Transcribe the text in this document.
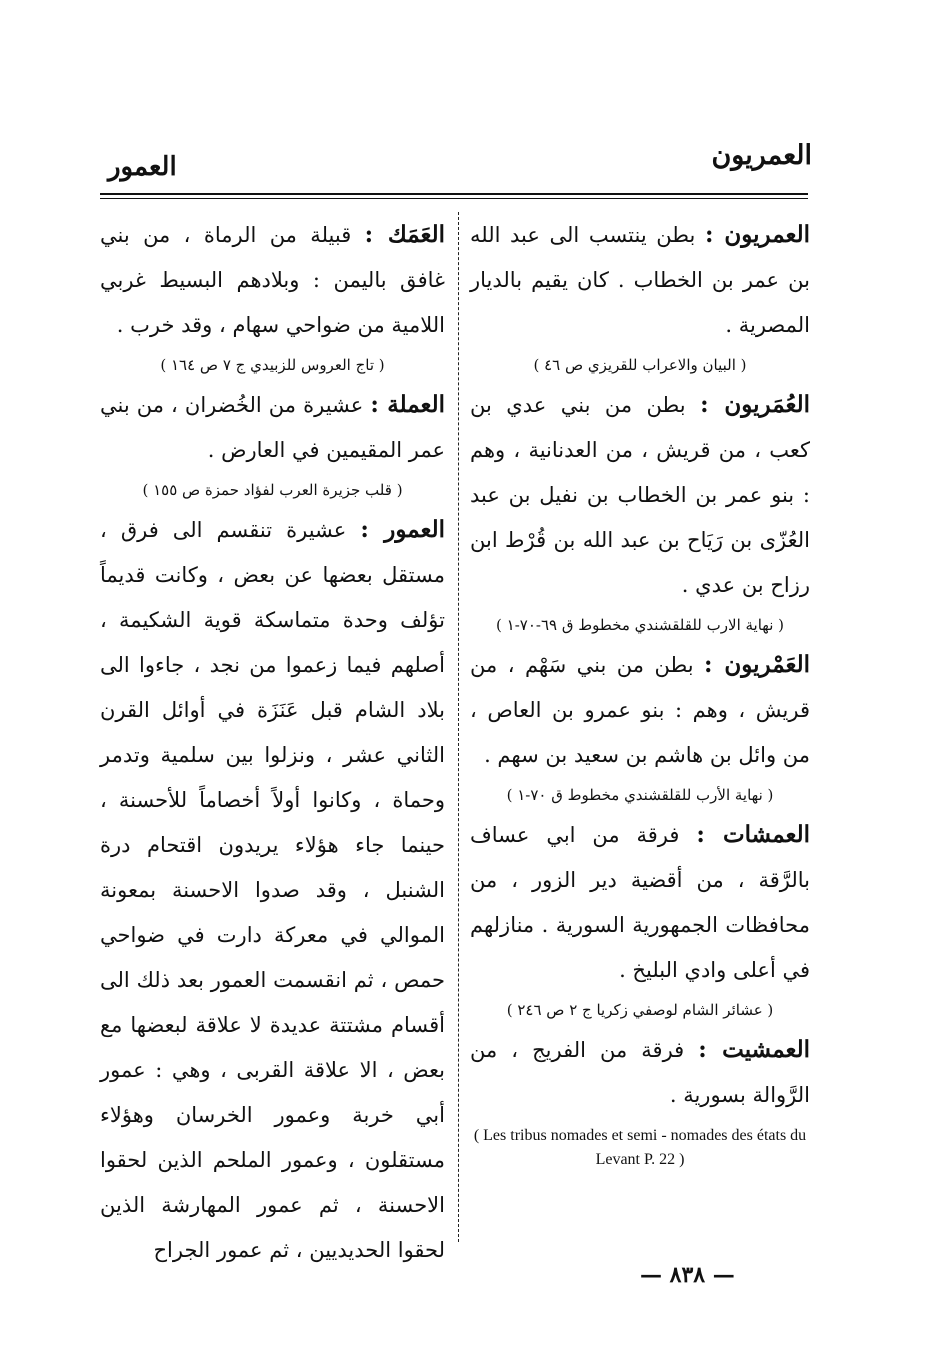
العمريون
العمور

العمريون : بطن ينتسب الى عبد الله بن عمر بن الخطاب . كان يقيم بالديار المصرية .

( البيان والاعراب للقريزي ص ٤٦ )

العُمَريون : بطن من بني عدي بن كعب ، من قريش ، من العدنانية ، وهم : بنو عمر بن الخطاب بن نفيل بن عبد العُزّى بن رَيَاح بن عبد الله بن قُرْط ابن رزاح بن عدي .

( نهاية الارب للقلقشندي مخطوط ق ٦٩-٧٠-١ )

العَمْريون : بطن من بني سَهْم ، من قريش ، وهم : بنو عمرو بن العاص ، من وائل بن هاشم بن سعيد بن سهم .

( نهاية الأرب للقلقشندي مخطوط ق ٧٠-١ )

العمشات : فرقة من ابي عساف بالرَّقة ، من أقضية دير الزور ، من محافظات الجمهورية السورية . منازلهم في أعلى وادي البليخ .

( عشائر الشام لوصفي زكريا ج ٢ ص ٢٤٦ )

العمشيت : فرقة من الفريج ، من الرَّوالة بسورية .

( Les tribus nomades et semi - nomades des états du Levant P. 22 )

العَمَك : قبيلة من الرماة ، من بني غافق باليمن : وبلادهم البسيط غربي اللامية من ضواحي سهام ، وقد خرب .

( تاج العروس للزبيدي ج ٧ ص ١٦٤ )

العملة : عشيرة من الخُضران ، من بني عمر المقيمين في العارض .

( قلب جزيرة العرب لفؤاد حمزة ص ١٥٥ )

العمور : عشيرة تنقسم الى فرق ، مستقل بعضها عن بعض ، وكانت قديماً تؤلف وحدة متماسكة قوية الشكيمة ، أصلهم فيما زعموا من نجد ، جاءوا الى بلاد الشام قبل عَنَزَة في أوائل القرن الثاني عشر ، ونزلوا بين سلمية وتدمر وحماة ، وكانوا أولاً أخصاماً للأحسنة ، حينما جاء هؤلاء يريدون اقتحام درة الشنبل ، وقد صدوا الاحسنة بمعونة الموالي في معركة دارت في ضواحي حمص ، ثم انقسمت العمور بعد ذلك الى أقسام مشتتة عديدة لا علاقة لبعضها مع بعض ، الا علاقة القربى ، وهي : عمور أبي خربة وعمور الخرسان وهؤلاء مستقلون ، وعمور الملحم الذين لحقوا الاحسنة ، ثم عمور المهارشة الذين لحقوا الحديديين ، ثم عمور الجراح

— ٨٣٨ —
